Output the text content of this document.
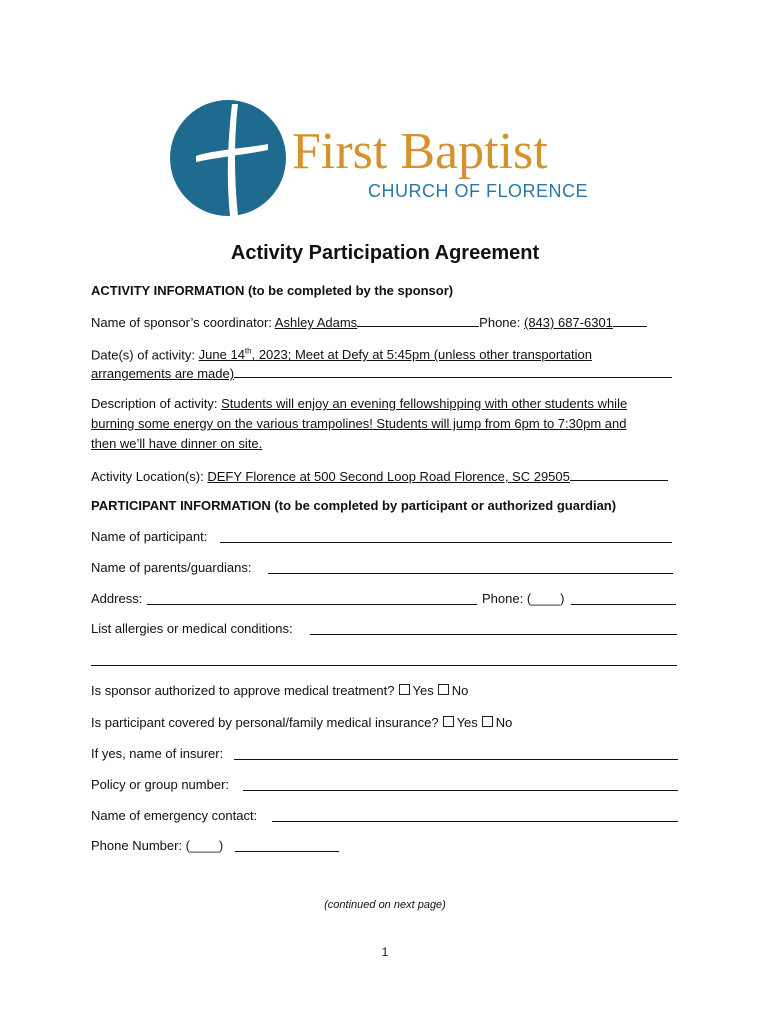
First Baptist
CHURCH OF FLORENCE
Activity Participation Agreement
ACTIVITY INFORMATION (to be completed by the sponsor)
Name of sponsor’s coordinator: Ashley Adams	Phone: (843) 687-6301
Date(s) of activity: June 14th, 2023; Meet at Defy at 5:45pm (unless other transportation
arrangements are made)
Description of activity: Students will enjoy an evening fellowshipping with other students while
burning some energy on the various trampolines! Students will jump from 6pm to 7:30pm and
then we’ll have dinner on site.
Activity Location(s): DEFY Florence at 500 Second Loop Road Florence, SC 29505
PARTICIPANT INFORMATION (to be completed by participant or authorized guardian)
Name of participant:
Name of parents/guardians:
Address:	Phone: (____)
List allergies or medical conditions:
Is sponsor authorized to approve medical treatment? Yes No
Is participant covered by personal/family medical insurance? Yes No
If yes, name of insurer:
Policy or group number:
Name of emergency contact:
Phone Number: (____)
(continued on next page)
1
